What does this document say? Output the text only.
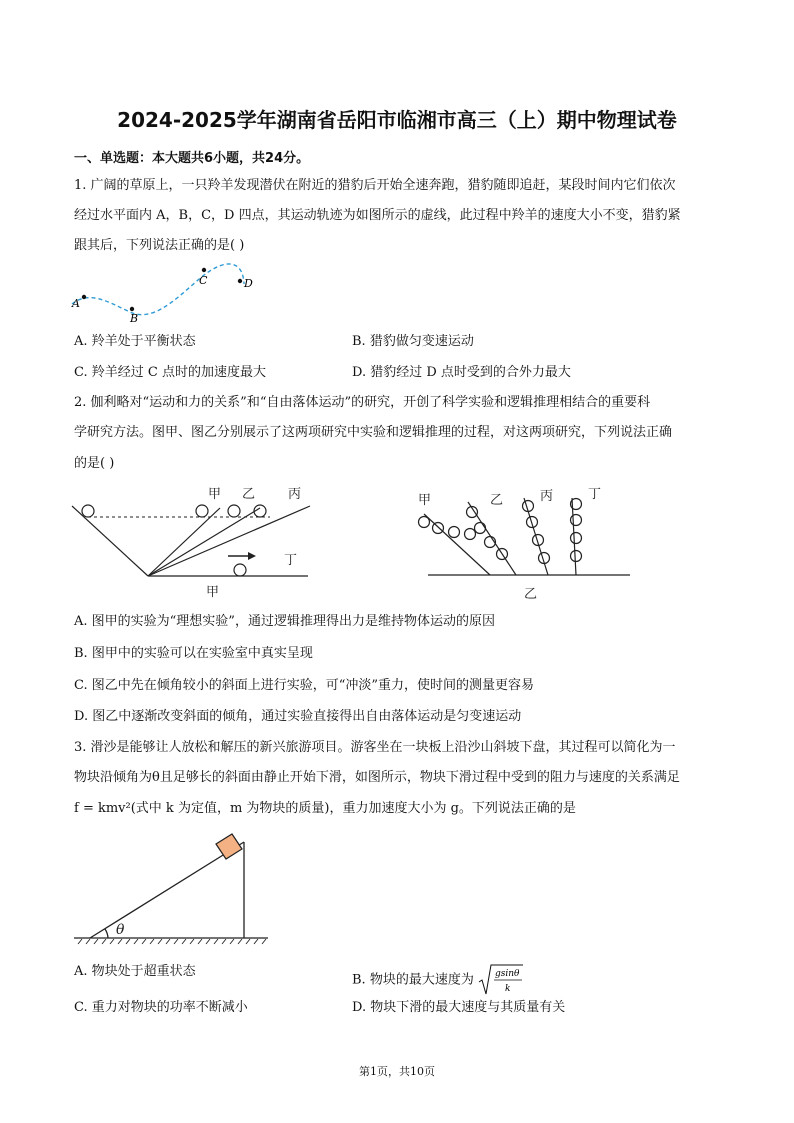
2024-2025学年湖南省岳阳市临湘市高三（上）期中物理试卷
一、单选题：本大题共6小题，共24分。
1. 广阔的草原上，一只羚羊发现潜伏在附近的猎豹后开始全速奔跑，猎豹随即追赶，某段时间内它们依次
经过水平面内 A，B，C，D 四点，其运动轨迹为如图所示的虚线，此过程中羚羊的速度大小不变，猎豹紧
跟其后，下列说法正确的是( )
A
B
C	D
A. 羚羊处于平衡状态	B. 猎豹做匀变速运动
C. 羚羊经过 C 点时的加速度最大	D. 猎豹经过 D 点时受到的合外力最大
2. 伽利略对“运动和力的关系”和“自由落体运动”的研究，开创了科学实验和逻辑推理相结合的重要科
学研究方法。图甲、图乙分别展示了这两项研究中实验和逻辑推理的过程，对这两项研究，下列说法正确
的是( )
甲 乙	丙
丁
甲
甲	乙	丙	丁
乙
A. 图甲的实验为“理想实验”，通过逻辑推理得出力是维持物体运动的原因
B. 图甲中的实验可以在实验室中真实呈现
C. 图乙中先在倾角较小的斜面上进行实验，可“冲淡”重力，使时间的测量更容易
D. 图乙中逐渐改变斜面的倾角，通过实验直接得出自由落体运动是匀变速运动
3. 滑沙是能够让人放松和解压的新兴旅游项目。游客坐在一块板上沿沙山斜坡下盘，其过程可以简化为一
物块沿倾角为θ且足够长的斜面由静止开始下滑，如图所示，物块下滑过程中受到的阻力与速度的关系满足
f = kmv²(式中 k 为定值，m 为物块的质量)，重力加速度大小为 g。下列说法正确的是
θ
A. 物块处于超重状态
B. 物块的最大速度为 gsinθ
k
C. 重力对物块的功率不断减小	D. 物块下滑的最大速度与其质量有关
第1页，共10页
